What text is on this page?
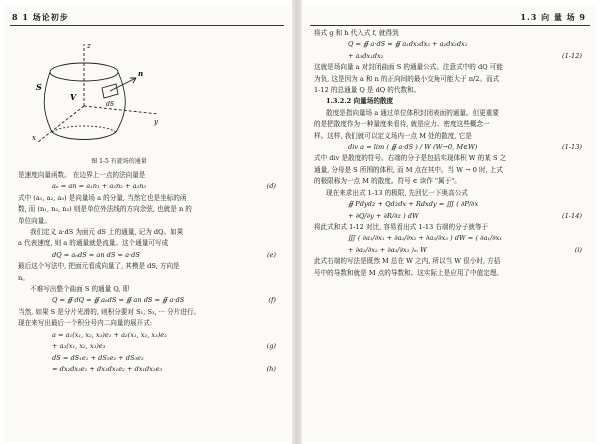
8 1 场论初步
z
x
y
S
V
n
dS
图 1-5 有旋场的通量

是速度向量函数。 在边界上一点的法向量是

aₙ = an = a₁n₁ + a₂n₂ + a₃n₃	(d)

式中 (a₁, a₂, a₃) 是向量场 a 的分量, 当然它也是坐标的函

数, 而 (n₁, n₂, n₃) 则是单位外法线的方向余弦, 也就是 n 的

单位向量。

我们定义 a·dS 为面元 dS 上的通量, 记为 dQ。如果

a 代表速度, 则 a 的通量就是流量。这个通量可写成

dQ = aₙdS = an dS = a·dS	(e)

最后这个写法中, 把面元看成向量了, 其模是 dS, 方向是

n。

不难写出整个曲面 S 的通量 Q, 即

Q = ∯ dQ = ∯ aₙdS = ∯ an dS = ∯ a·dS	(f)

当然, 如果 S 是分片光滑的, 则积分要对 S₁, S₂, ··· 分片进行。

现在来写出最后一个积分号内二向量的展开式:

a = a₁(x₁, x₂, x₃)e₁ + a₂(x₁, x₂, x₃)e₂

+ a₃(x₁, x₂, x₃)e₃	(g)

dS = dS₁e₁ + dS₂e₂ + dS₃e₃

= dx₂dx₃e₁ + dx₃dx₁e₂ + dx₁dx₂e₃	(h)

1.3 向 量 场 9

将式 g 和 h 代入式 f, 就得到

Q = ∯ a·dS = ∯ a₁dx₂dx₃ + a₂dx₃dx₁

+ a₃dx₁dx₂	(1-12)

这就是场向量 a 对封闭曲面 S 的通量公式。注意式中的 dQ 可能

为负, 这是因为 a 和 n 的正向间的最小交角可能大于 π/2。而式

1-12 的总通量 Q 是 dQ 的代数和。

1.3.2.2 向量场的散度

散度是指向量场 a 通过单位体积封闭表面的通量。但更重要

的是把散度作为一种量度来看待, 就是应力、密度这些概念一

样。这样, 我们就可以定义场内一点 M 处的散度, 它是

div a = lim ( ∯ a·dS ) / W (W→0, M∈W)	(1-13)

式中 div 是散度的符号。右端的分子是包括实现体积 W 的某 S 之

通量, 分母是 S 所围的体积, 而 M 点在其中。当 W → 0 时, 上式

的极限称为一点 M 的散度。符号 ∈ 读作 "属于"。

现在来求出式 1-13 的极限, 先回忆一下奥高公式

∯ Pdydz + Qdzdx + Rdxdy = ∭ ( ∂P/∂x

+ ∂Q/∂y + ∂R/∂z ) dW	(1-14)

将此式和式 1-12 对比, 容易看出式 1-13 右端的分子就等于

∭ ( ∂a₁/∂x₁ + ∂a₂/∂x₂ + ∂a₃/∂x₃ ) dW = ( ∂a₁/∂x₁

+ ∂a₂/∂x₂ + ∂a₃/∂x₃ )ₘ W	(i)

此式右端的写法是既然 M 总在 W 之内, 所以当 W 很小时, 方括

号中的导数和就是 M 点的导数和。这实际上是应用了中值定理。
